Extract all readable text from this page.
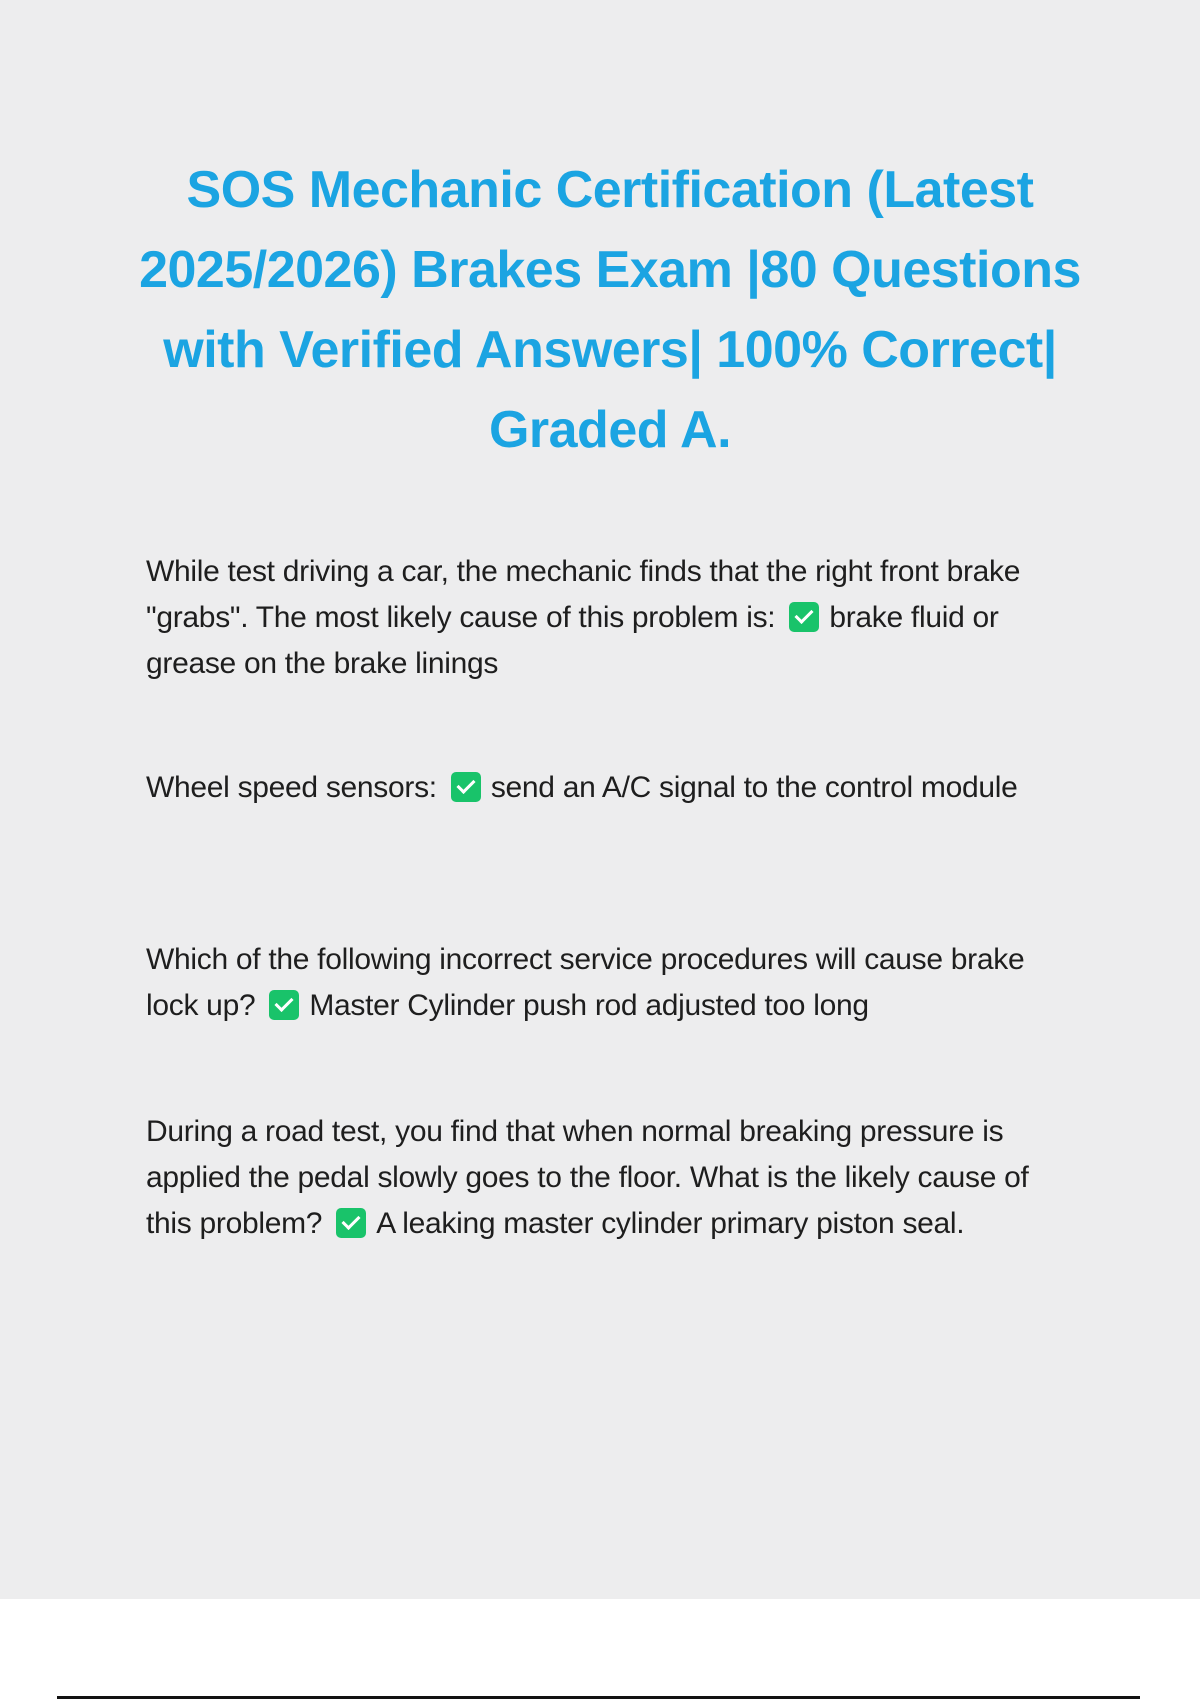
SOS Mechanic Certification (Latest 2025/2026) Brakes Exam |80 Questions with Verified Answers| 100% Correct| Graded A.
While test driving a car, the mechanic finds that the right front brake "grabs". The most likely cause of this problem is: brake fluid or grease on the brake linings
Wheel speed sensors: send an A/C signal to the control module
Which of the following incorrect service procedures will cause brake lock up? Master Cylinder push rod adjusted too long
During a road test, you find that when normal breaking pressure is applied the pedal slowly goes to the floor. What is the likely cause of this problem? A leaking master cylinder primary piston seal.
